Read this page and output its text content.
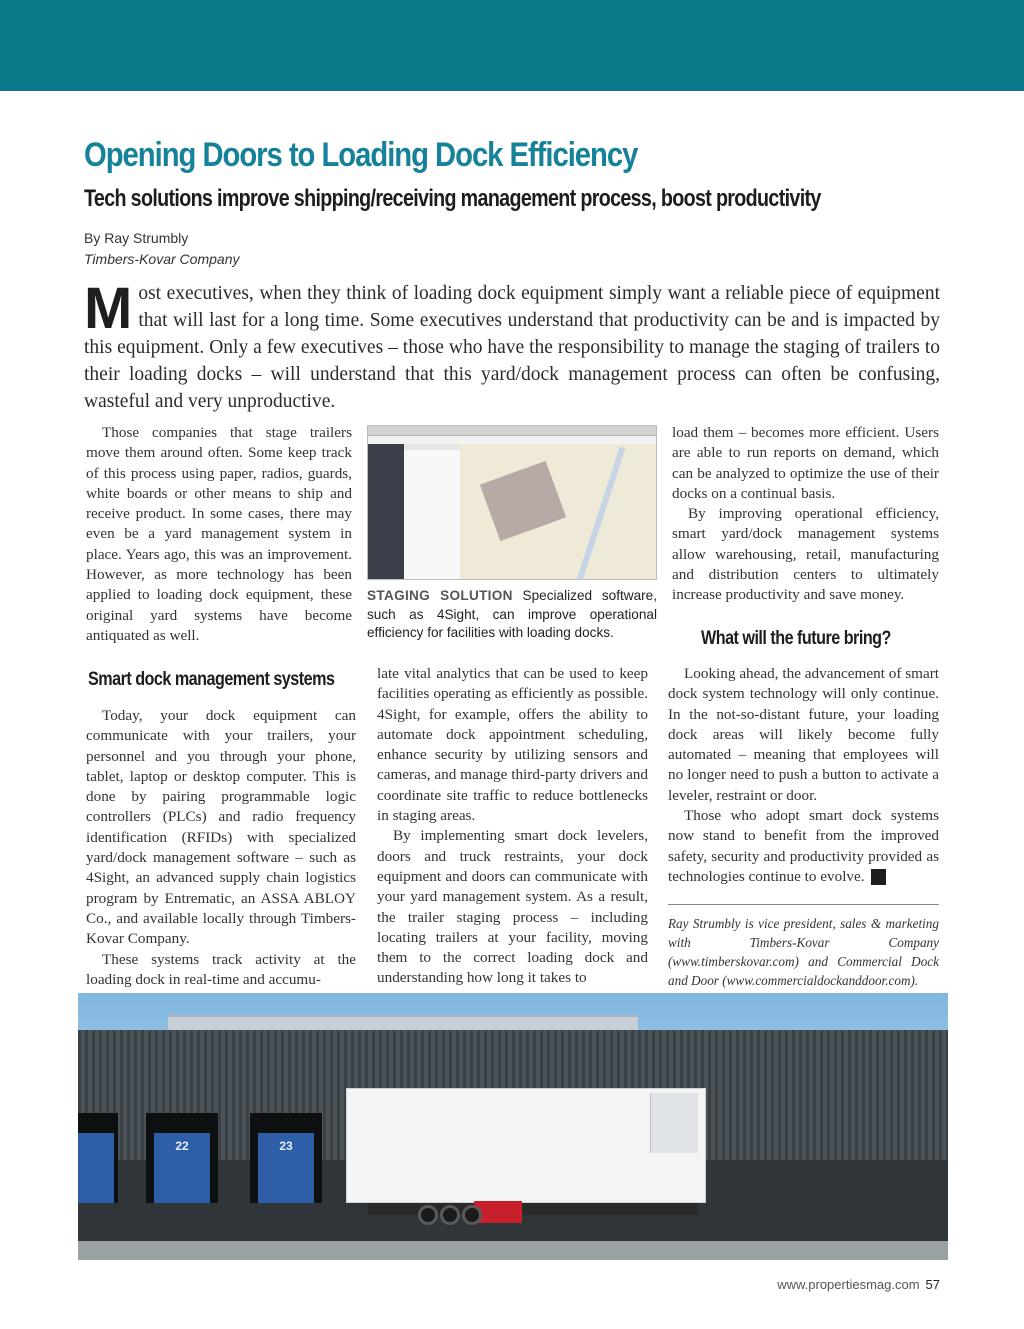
Opening Doors to Loading Dock Efficiency
Tech solutions improve shipping/receiving management process, boost productivity
By Ray Strumbly
Timbers-Kovar Company
Most executives, when they think of loading dock equipment simply want a reliable piece of equipment that will last for a long time. Some executives understand that productivity can be and is impacted by this equipment. Only a few executives – those who have the responsibility to manage the staging of trailers to their loading docks – will understand that this yard/dock management process can often be confusing, wasteful and very unproductive.

Those companies that stage trailers move them around often. Some keep track of this process using paper, radios, guards, white boards or other means to ship and receive product. In some cases, there may even be a yard management system in place. Years ago, this was an improvement. However, as more technology has been applied to loading dock equipment, these original yard systems have become antiquated as well.

STAGING SOLUTION Specialized software, such as 4Sight, can improve operational efficiency for facilities with loading docks.

load them – becomes more efficient. Users are able to run reports on demand, which can be analyzed to optimize the use of their docks on a continual basis.

By improving operational efficiency, smart yard/dock management systems allow warehousing, retail, manufacturing and distribution centers to ultimately increase productivity and save money.

What will the future bring?
Smart dock management systems

Today, your dock equipment can communicate with your trailers, your personnel and you through your phone, tablet, laptop or desktop computer. This is done by pairing programmable logic controllers (PLCs) and radio frequency identification (RFIDs) with specialized yard/dock management software – such as 4Sight, an advanced supply chain logistics program by Entrematic, an ASSA ABLOY Co., and available locally through Timbers-Kovar Company.

These systems track activity at the loading dock in real-time and accumu-

late vital analytics that can be used to keep facilities operating as efficiently as possible. 4Sight, for example, offers the ability to automate dock appointment scheduling, enhance security by utilizing sensors and cameras, and manage third-party drivers and coordinate site traffic to reduce bottlenecks in staging areas.

By implementing smart dock levelers, doors and truck restraints, your dock equipment and doors can communicate with your yard management system. As a result, the trailer staging process – including locating trailers at your facility, moving them to the correct loading dock and understanding how long it takes to

Looking ahead, the advancement of smart dock system technology will only continue. In the not-so-distant future, your loading dock areas will likely become fully automated – meaning that employees will no longer need to push a button to activate a leveler, restraint or door.

Those who adopt smart dock systems now stand to benefit from the improved safety, security and productivity provided as technologies continue to evolve. P

Ray Strumbly is vice president, sales & marketing with Timbers-Kovar Company (www.timberskovar.com) and Commercial Dock and Door (www.commercialdockanddoor.com).
22	23
www.propertiesmag.com 57
